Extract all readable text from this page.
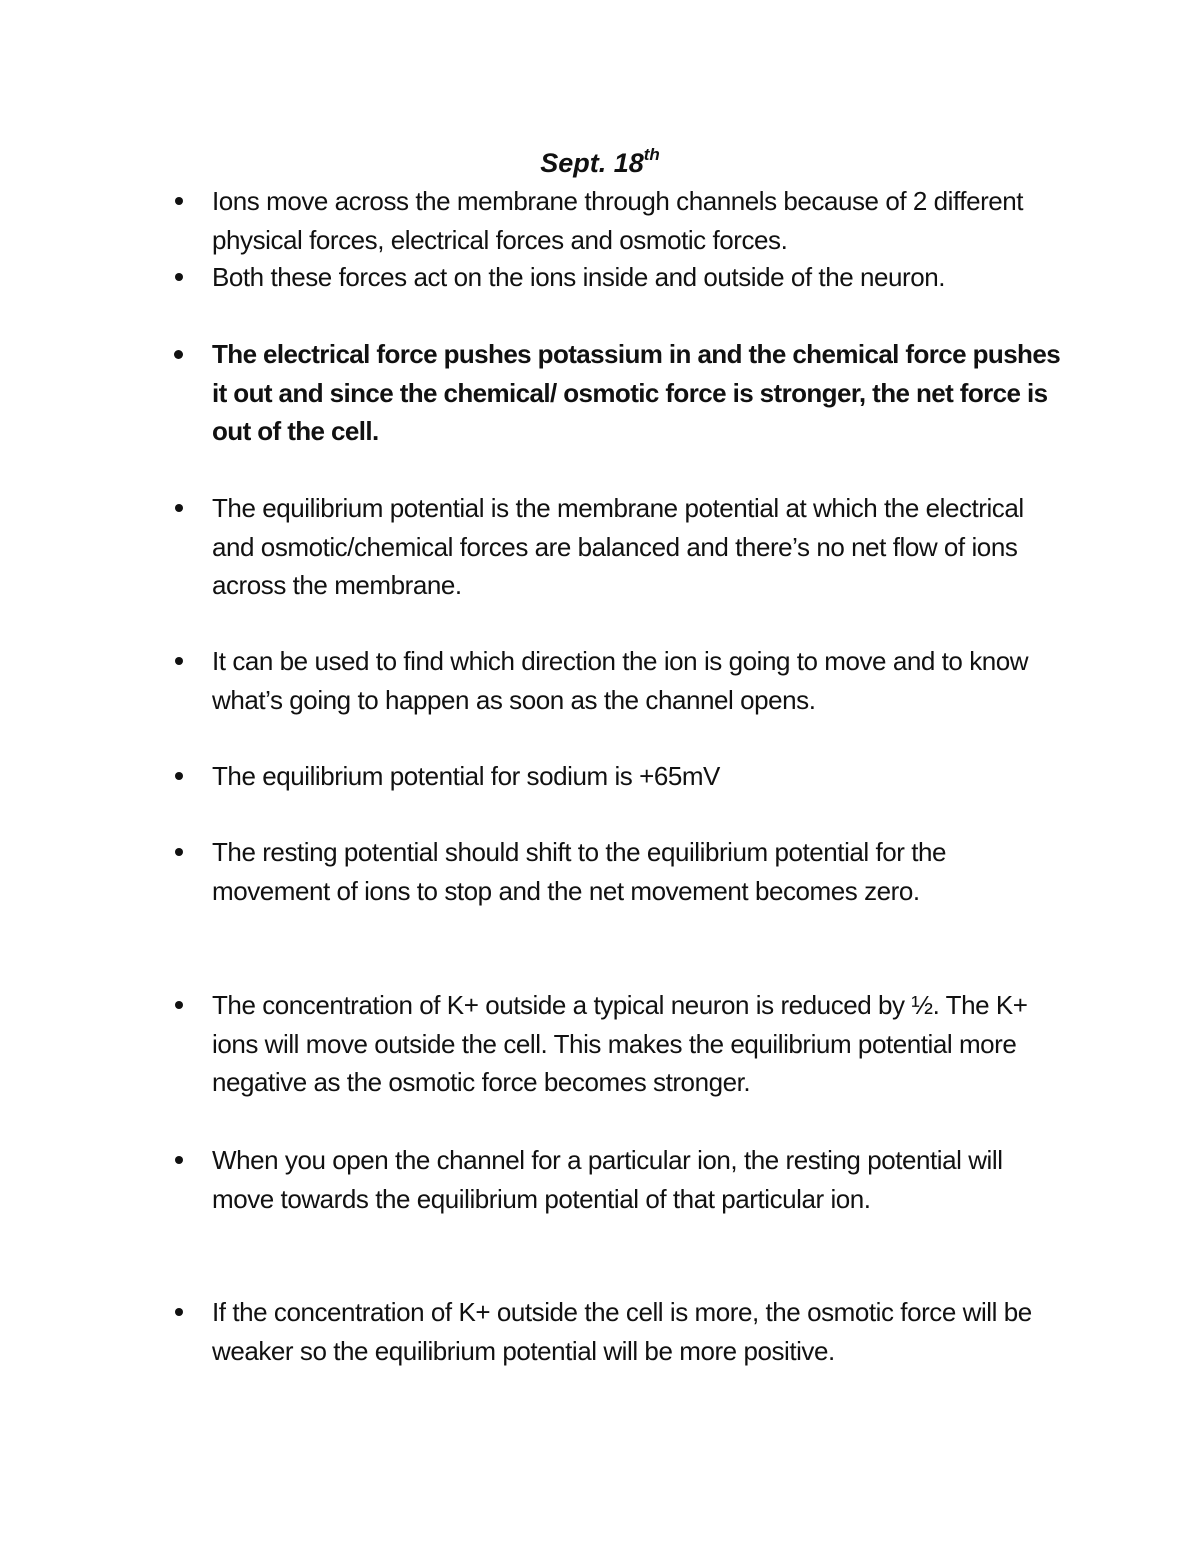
Sept. 18th
Ions move across the membrane through channels because of 2 different physical forces, electrical forces and osmotic forces.
Both these forces act on the ions inside and outside of the neuron.
The electrical force pushes potassium in and the chemical force pushes it out and since the chemical/ osmotic force is stronger, the net force is out of the cell.
The equilibrium potential is the membrane potential at which the electrical and osmotic/chemical forces are balanced and there’s no net flow of ions across the membrane.
It can be used to find which direction the ion is going to move and to know what’s going to happen as soon as the channel opens.
The equilibrium potential for sodium is +65mV
The resting potential should shift to the equilibrium potential for the movement of ions to stop and the net movement becomes zero.
The concentration of K+ outside a typical neuron is reduced by ½. The K+ ions will move outside the cell. This makes the equilibrium potential more negative as the osmotic force becomes stronger.
When you open the channel for a particular ion, the resting potential will move towards the equilibrium potential of that particular ion.
If the concentration of K+ outside the cell is more, the osmotic force will be weaker so the equilibrium potential will be more positive.
